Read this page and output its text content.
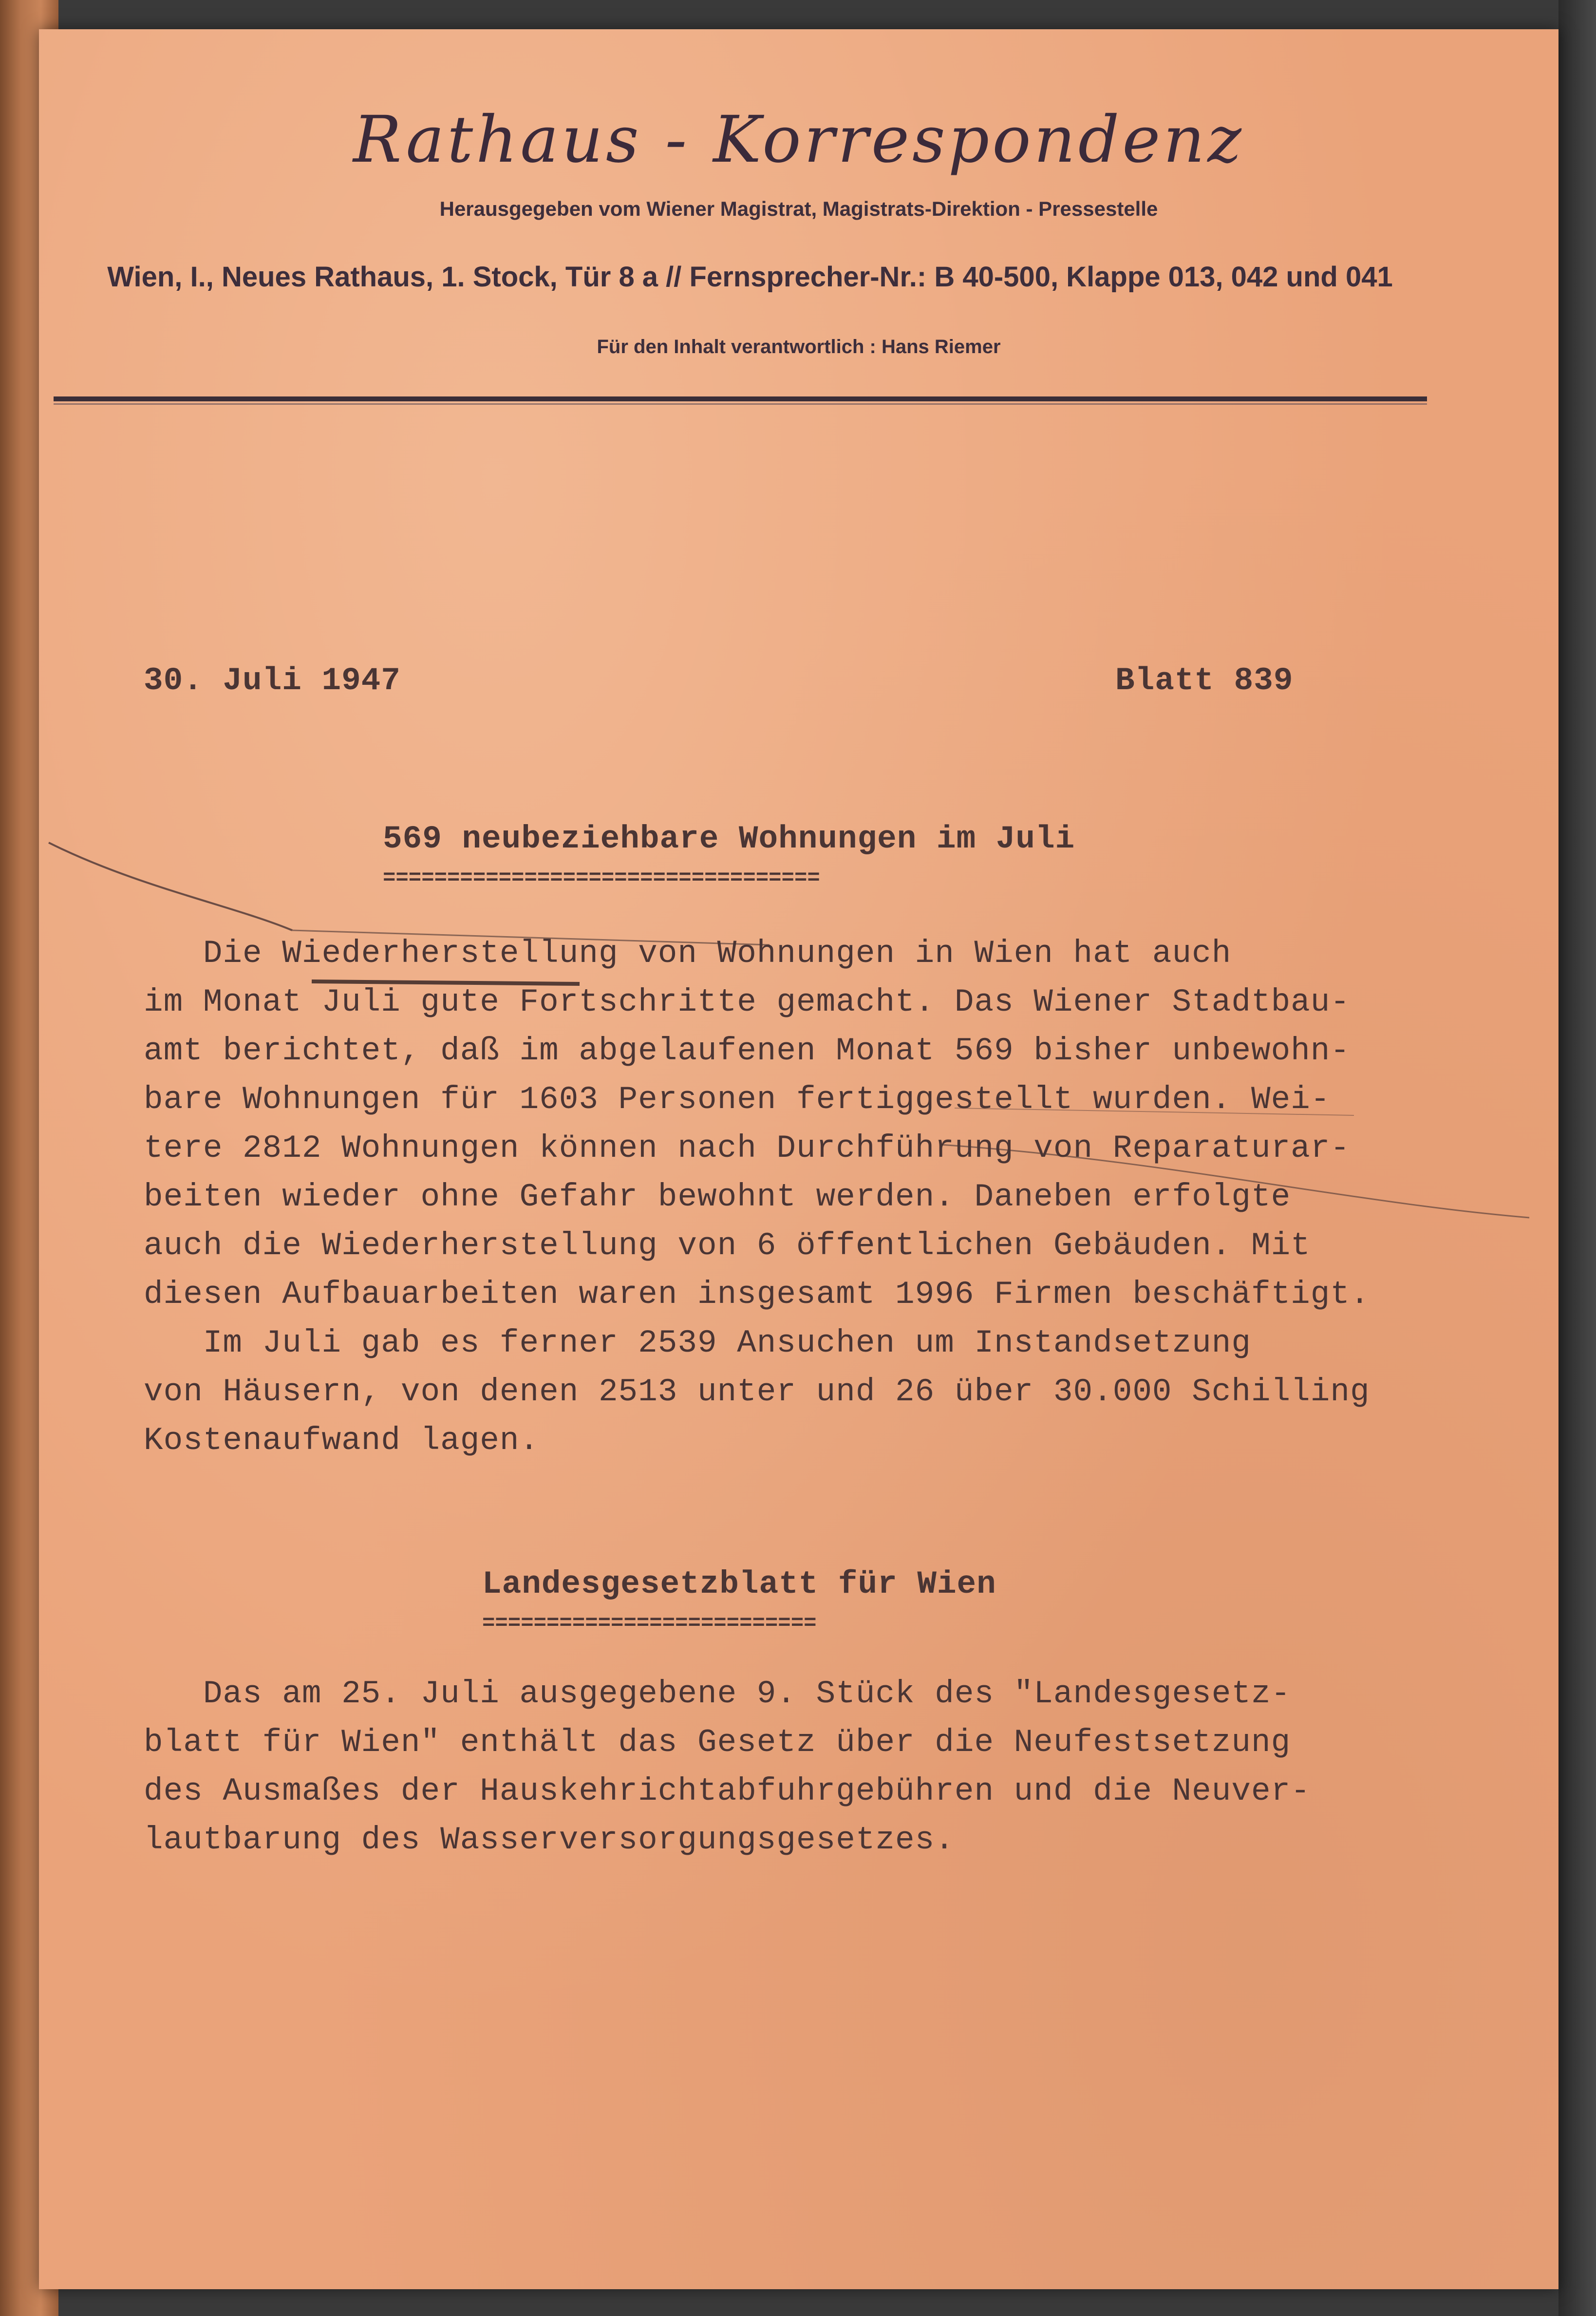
Rathaus - Korrespondenz
Herausgegeben vom Wiener Magistrat, Magistrats-Direktion - Pressestelle
Wien, I., Neues Rathaus, 1. Stock, Tür 8 a // Fernsprecher-Nr.: B 40-500, Klappe 013, 042 und 041
Für den Inhalt verantwortlich : Hans Riemer
30. Juli 1947	Blatt 839
569 neubeziehbare Wohnungen im Juli
==================================
Die Wiederherstellung von Wohnungen in Wien hat auch
im Monat Juli gute Fortschritte gemacht. Das Wiener Stadtbau-
amt berichtet, daß im abgelaufenen Monat 569 bisher unbewohn-
bare Wohnungen für 1603 Personen fertiggestellt wurden. Wei-
tere 2812 Wohnungen können nach Durchführung von Reparaturar-
beiten wieder ohne Gefahr bewohnt werden. Daneben erfolgte
auch die Wiederherstellung von 6 öffentlichen Gebäuden. Mit
diesen Aufbauarbeiten waren insgesamt 1996 Firmen beschäftigt.
Im Juli gab es ferner 2539 Ansuchen um Instandsetzung
von Häusern, von denen 2513 unter und 26 über 30.000 Schilling
Kostenaufwand lagen.
Landesgesetzblatt für Wien
==========================
Das am 25. Juli ausgegebene 9. Stück des "Landesgesetz-
blatt für Wien" enthält das Gesetz über die Neufestsetzung
des Ausmaßes der Hauskehrichtabfuhrgebühren und die Neuver-
lautbarung des Wasserversorgungsgesetzes.
